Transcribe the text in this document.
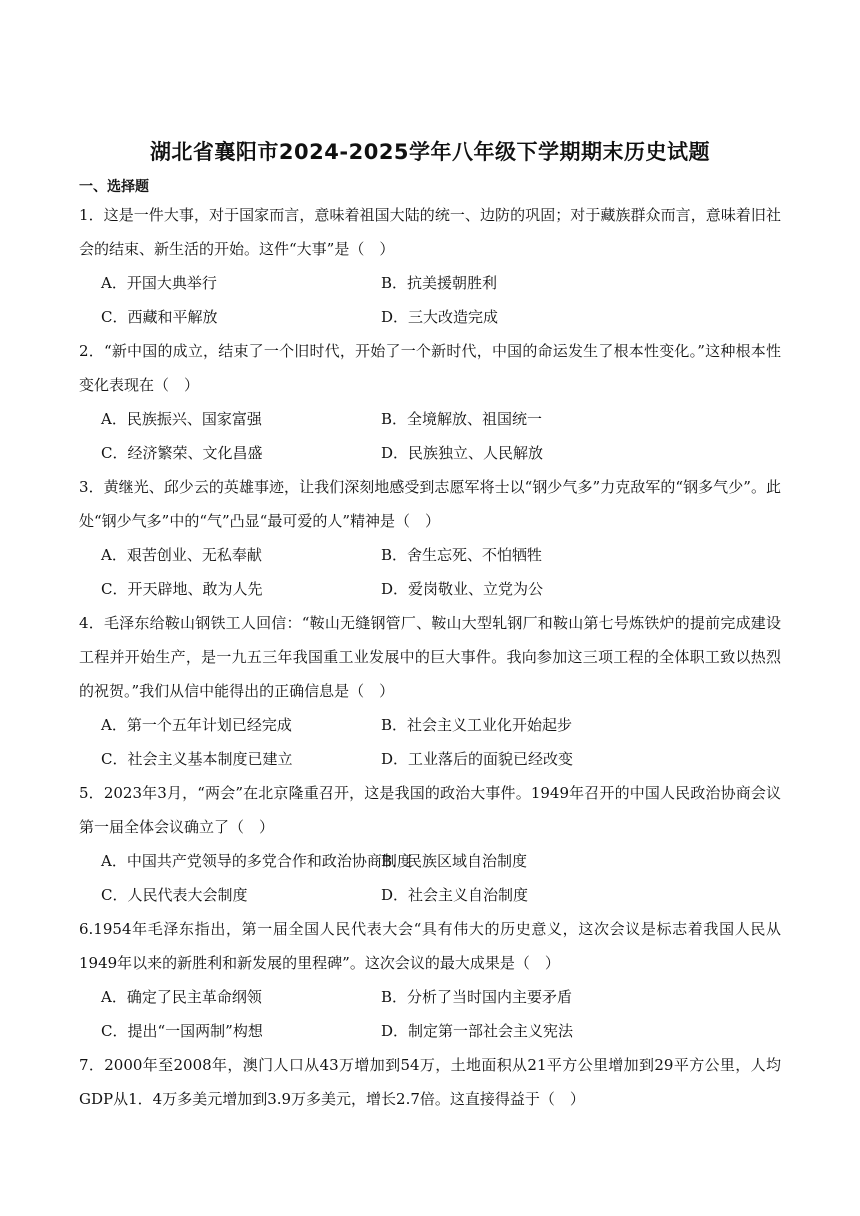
湖北省襄阳市2024-2025学年八年级下学期期末历史试题
一、选择题

1．这是一件大事，对于国家而言，意味着祖国大陆的统一、边防的巩固；对于藏族群众而言，意味着旧社会的结束、新生活的开始。这件“大事”是（　）

A．开国大典举行	B．抗美援朝胜利
C．西藏和平解放	D．三大改造完成

2．“新中国的成立，结束了一个旧时代，开始了一个新时代，中国的命运发生了根本性变化。”这种根本性变化表现在（　）

A．民族振兴、国家富强	B．全境解放、祖国统一
C．经济繁荣、文化昌盛	D．民族独立、人民解放

3．黄继光、邱少云的英雄事迹，让我们深刻地感受到志愿军将士以“钢少气多”力克敌军的“钢多气少”。此处“钢少气多”中的“气”凸显“最可爱的人”精神是（　）

A．艰苦创业、无私奉献	B．舍生忘死、不怕牺牲
C．开天辟地、敢为人先	D．爱岗敬业、立党为公

4．毛泽东给鞍山钢铁工人回信：“鞍山无缝钢管厂、鞍山大型轧钢厂和鞍山第七号炼铁炉的提前完成建设工程并开始生产，是一九五三年我国重工业发展中的巨大事件。我向参加这三项工程的全体职工致以热烈的祝贺。”我们从信中能得出的正确信息是（　）

A．第一个五年计划已经完成	B．社会主义工业化开始起步
C．社会主义基本制度已建立	D．工业落后的面貌已经改变

5．2023年3月，“两会”在北京隆重召开，这是我国的政治大事件。1949年召开的中国人民政治协商会议第一届全体会议确立了（　）

A．中国共产党领导的多党合作和政治协商制度
B．民族区域自治制度
C．人民代表大会制度	D．社会主义自治制度

6.1954年毛泽东指出，第一届全国人民代表大会“具有伟大的历史意义，这次会议是标志着我国人民从1949年以来的新胜利和新发展的里程碑”。这次会议的最大成果是（　）

A．确定了民主革命纲领	B．分析了当时国内主要矛盾
C．提出“一国两制”构想	D．制定第一部社会主义宪法

7．2000年至2008年，澳门人口从43万增加到54万，土地面积从21平方公里增加到29平方公里，人均GDP从1．4万多美元增加到3.9万多美元，增长2.7倍。这直接得益于（　）
